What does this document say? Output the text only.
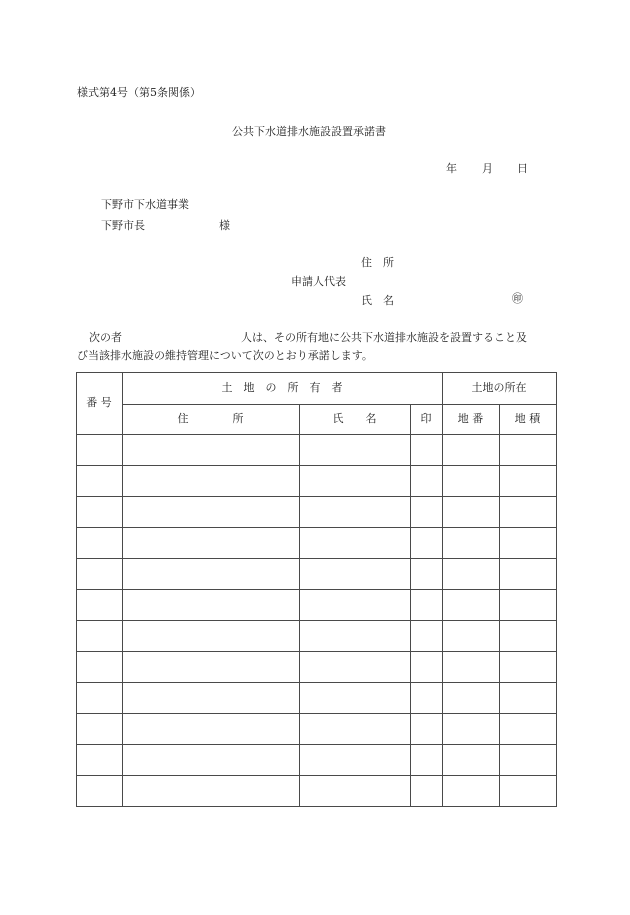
様式第4号（第5条関係）
公共下水道排水施設設置承諾書
年 月 日
下野市下水道事業
下野市長	様
住　所
申請人代表
氏　名	㊞
次の者	人は、その所有地に公共下水道排水施設を設置すること及
び当該排水施設の維持管理について次のとおり承諾します。
番 号
土　地　の　所　有　者	土地の所在
住　　　　所	氏　　名	印	地 番	地 積
